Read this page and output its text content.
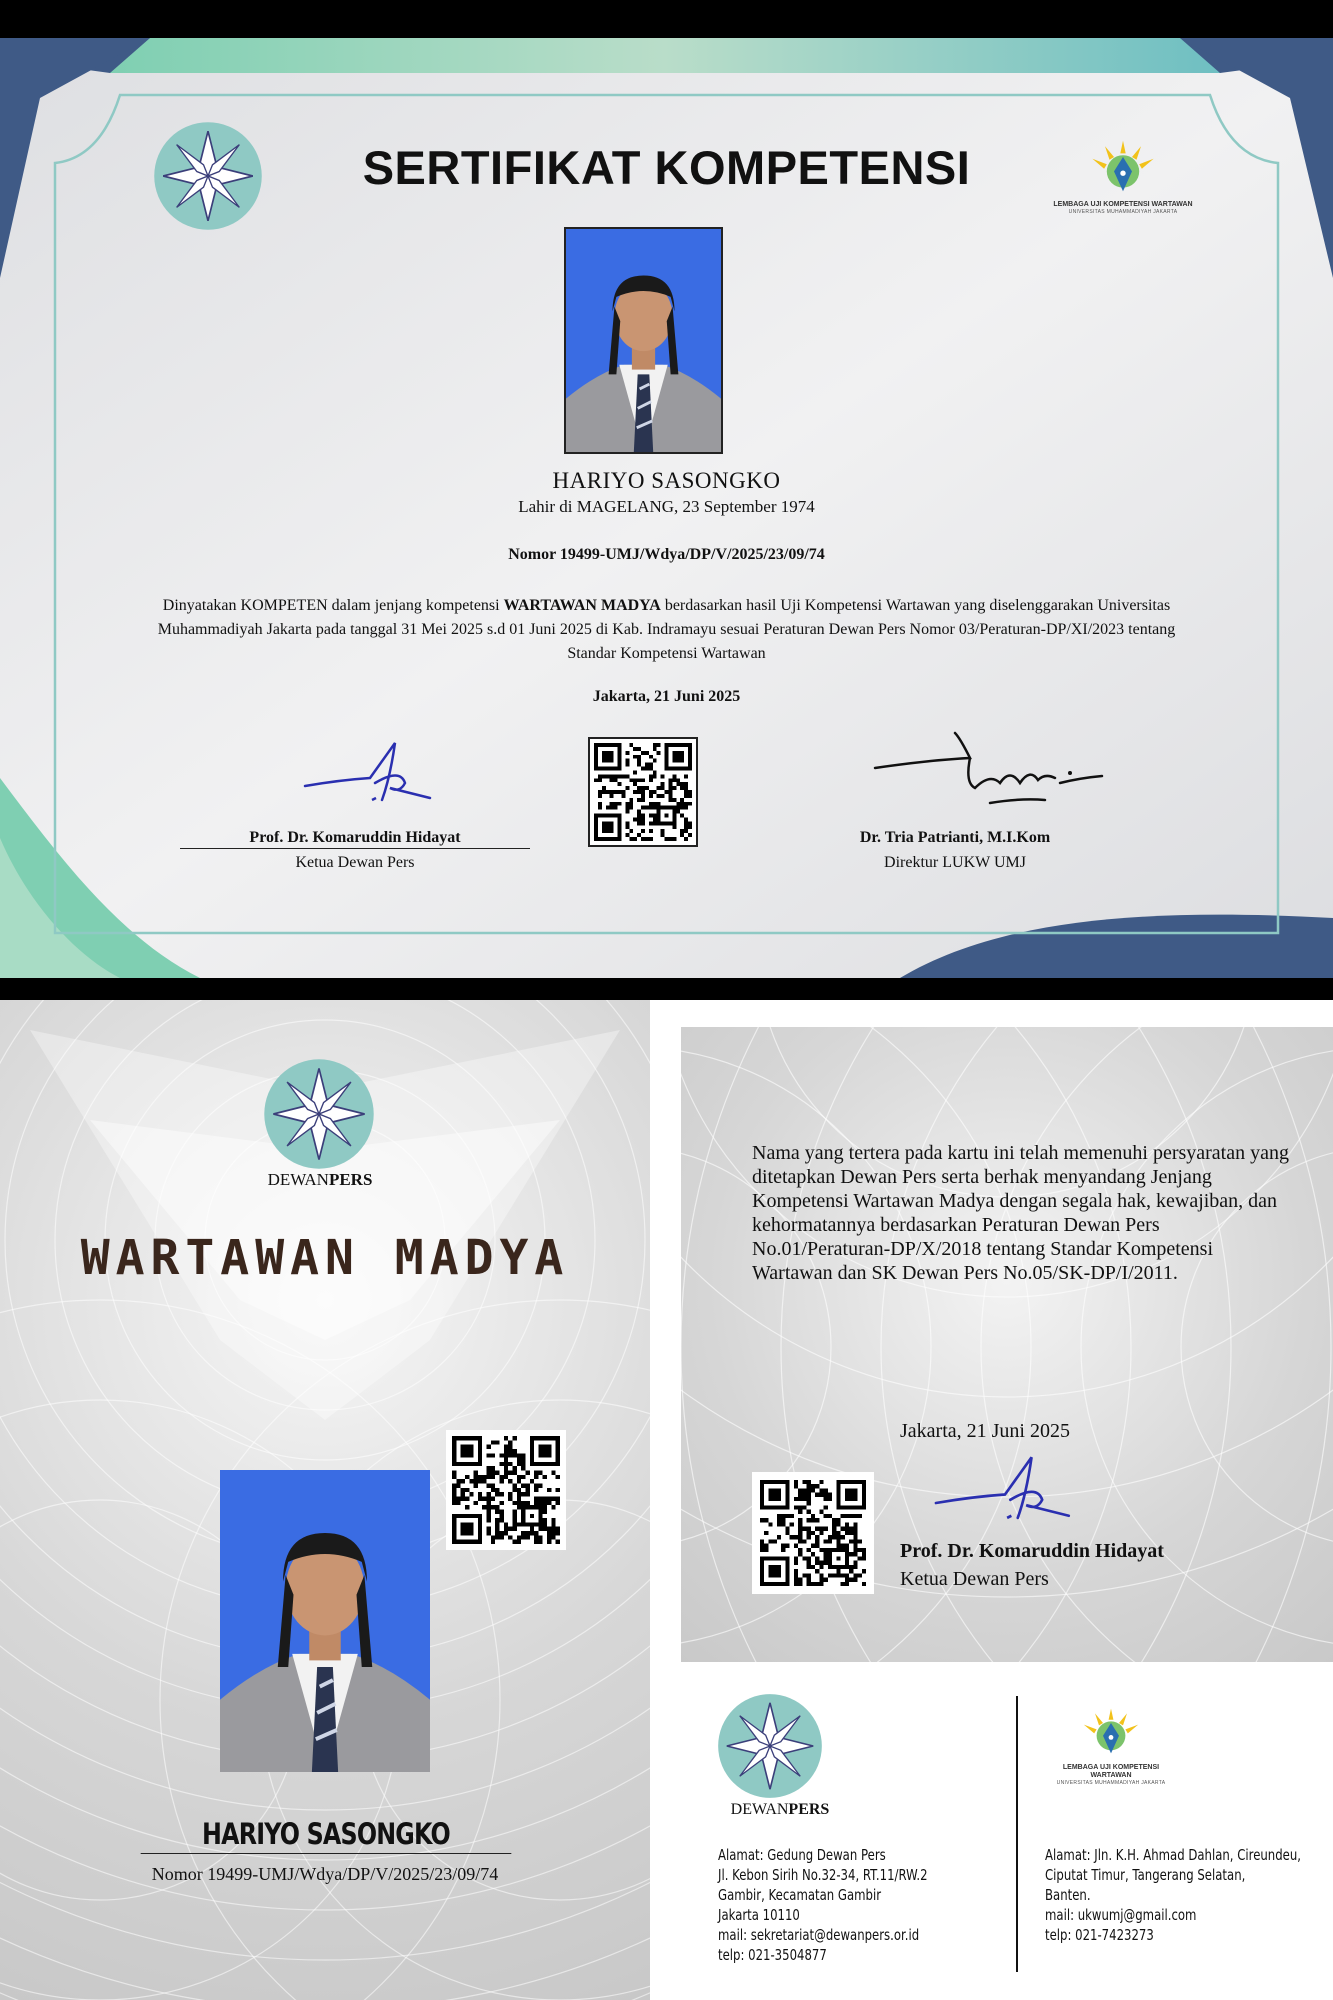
SERTIFIKAT KOMPETENSI
LEMBAGA UJI KOMPETENSI WARTAWAN
UNIVERSITAS MUHAMMADIYAH JAKARTA
HARIYO SASONGKO
Lahir di MAGELANG, 23 September 1974
Nomor 19499-UMJ/Wdya/DP/V/2025/23/09/74
Dinyatakan KOMPETEN dalam jenjang kompetensi WARTAWAN MADYA berdasarkan hasil Uji Kompetensi Wartawan yang diselenggarakan Universitas Muhammadiyah Jakarta pada tanggal 31 Mei 2025 s.d 01 Juni 2025 di Kab. Indramayu sesuai Peraturan Dewan Pers Nomor 03/Peraturan-DP/XI/2023 tentang Standar Kompetensi Wartawan
Jakarta, 21 Juni 2025
Prof. Dr. Komaruddin Hidayat
Ketua Dewan Pers
Dr. Tria Patrianti, M.I.Kom
Direktur LUKW UMJ
DEWANPERS
WARTAWAN MADYA
HARIYO SASONGKO
Nomor 19499-UMJ/Wdya/DP/V/2025/23/09/74
Nama yang tertera pada kartu ini telah memenuhi persyaratan yang ditetapkan Dewan Pers serta berhak menyandang Jenjang Kompetensi Wartawan Madya dengan segala hak, kewajiban, dan kehormatannya berdasarkan Peraturan Dewan Pers No.01/Peraturan-DP/X/2018 tentang Standar Kompetensi Wartawan dan SK Dewan Pers No.05/SK-DP/I/2011.
Jakarta, 21 Juni 2025
Prof. Dr. Komaruddin Hidayat
Ketua Dewan Pers
DEWANPERS
LEMBAGA UJI KOMPETENSI WARTAWAN
UNIVERSITAS MUHAMMADIYAH JAKARTA
Alamat: Gedung Dewan Pers
Jl. Kebon Sirih No.32-34, RT.11/RW.2
Gambir, Kecamatan Gambir
Jakarta 10110
mail: sekretariat@dewanpers.or.id
telp: 021-3504877
Alamat: Jln. K.H. Ahmad Dahlan, Cireundeu,
Ciputat Timur, Tangerang Selatan,
Banten.
mail: ukwumj@gmail.com
telp: 021-7423273
